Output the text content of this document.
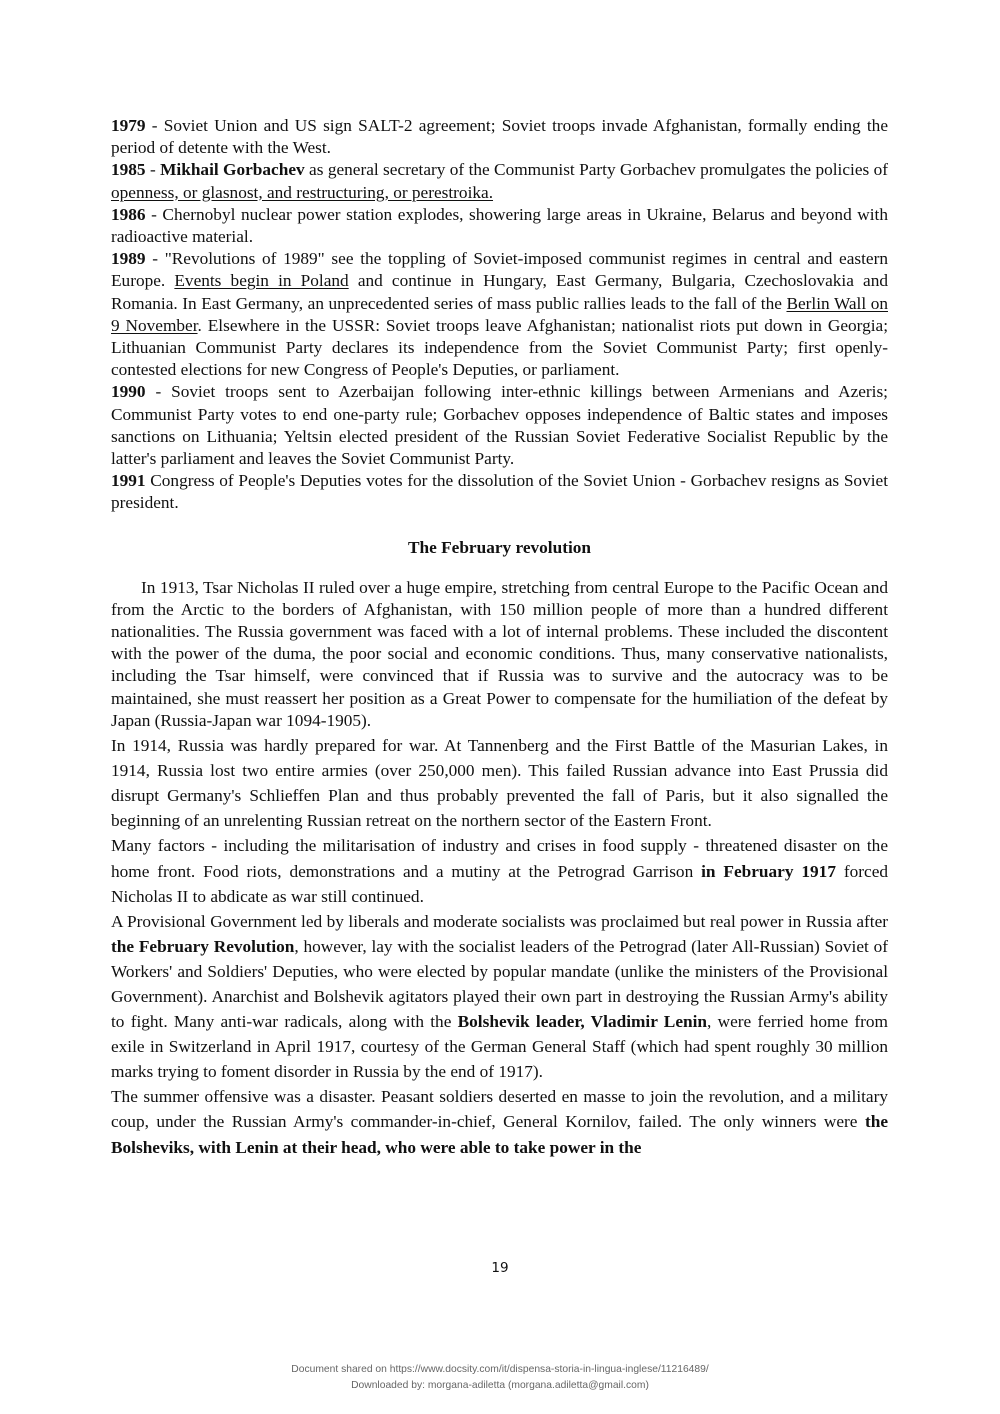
1979 - Soviet Union and US sign SALT-2 agreement; Soviet troops invade Afghanistan, formally ending the period of detente with the West.

1985 - Mikhail Gorbachev as general secretary of the Communist Party Gorbachev promulgates the policies of openness, or glasnost, and restructuring, or perestroika.

1986 - Chernobyl nuclear power station explodes, showering large areas in Ukraine, Belarus and beyond with radioactive material.

1989 - "Revolutions of 1989" see the toppling of Soviet-imposed communist regimes in central and eastern Europe. Events begin in Poland and continue in Hungary, East Germany, Bulgaria, Czechoslovakia and Romania. In East Germany, an unprecedented series of mass public rallies leads to the fall of the Berlin Wall on 9 November. Elsewhere in the USSR: Soviet troops leave Afghanistan; nationalist riots put down in Georgia; Lithuanian Communist Party declares its independence from the Soviet Communist Party; first openly-contested elections for new Congress of People's Deputies, or parliament.

1990 - Soviet troops sent to Azerbaijan following inter-ethnic killings between Armenians and Azeris; Communist Party votes to end one-party rule; Gorbachev opposes independence of Baltic states and imposes sanctions on Lithuania; Yeltsin elected president of the Russian Soviet Federative Socialist Republic by the latter's parliament and leaves the Soviet Communist Party.

1991 Congress of People's Deputies votes for the dissolution of the Soviet Union - Gorbachev resigns as Soviet president.

The February revolution

In 1913, Tsar Nicholas II ruled over a huge empire, stretching from central Europe to the Pacific Ocean and from the Arctic to the borders of Afghanistan, with 150 million people of more than a hundred different nationalities. The Russia government was faced with a lot of internal problems. These included the discontent with the power of the duma, the poor social and economic conditions. Thus, many conservative nationalists, including the Tsar himself, were convinced that if Russia was to survive and the autocracy was to be maintained, she must reassert her position as a Great Power to compensate for the humiliation of the defeat by Japan (Russia-Japan war 1094-1905).

In 1914, Russia was hardly prepared for war. At Tannenberg and the First Battle of the Masurian Lakes, in 1914, Russia lost two entire armies (over 250,000 men). This failed Russian advance into East Prussia did disrupt Germany's Schlieffen Plan and thus probably prevented the fall of Paris, but it also signalled the beginning of an unrelenting Russian retreat on the northern sector of the Eastern Front.

Many factors - including the militarisation of industry and crises in food supply - threatened disaster on the home front. Food riots, demonstrations and a mutiny at the Petrograd Garrison in February 1917 forced Nicholas II to abdicate as war still continued.

A Provisional Government led by liberals and moderate socialists was proclaimed but real power in Russia after the February Revolution, however, lay with the socialist leaders of the Petrograd (later All-Russian) Soviet of Workers' and Soldiers' Deputies, who were elected by popular mandate (unlike the ministers of the Provisional Government). Anarchist and Bolshevik agitators played their own part in destroying the Russian Army's ability to fight. Many anti-war radicals, along with the Bolshevik leader, Vladimir Lenin, were ferried home from exile in Switzerland in April 1917, courtesy of the German General Staff (which had spent roughly 30 million marks trying to foment disorder in Russia by the end of 1917).

The summer offensive was a disaster. Peasant soldiers deserted en masse to join the revolution, and a military coup, under the Russian Army's commander-in-chief, General Kornilov, failed. The only winners were the Bolsheviks, with Lenin at their head, who were able to take power in the

19
Document shared on https://www.docsity.com/it/dispensa-storia-in-lingua-inglese/11216489/
Downloaded by: morgana-adiletta (morgana.adiletta@gmail.com)
